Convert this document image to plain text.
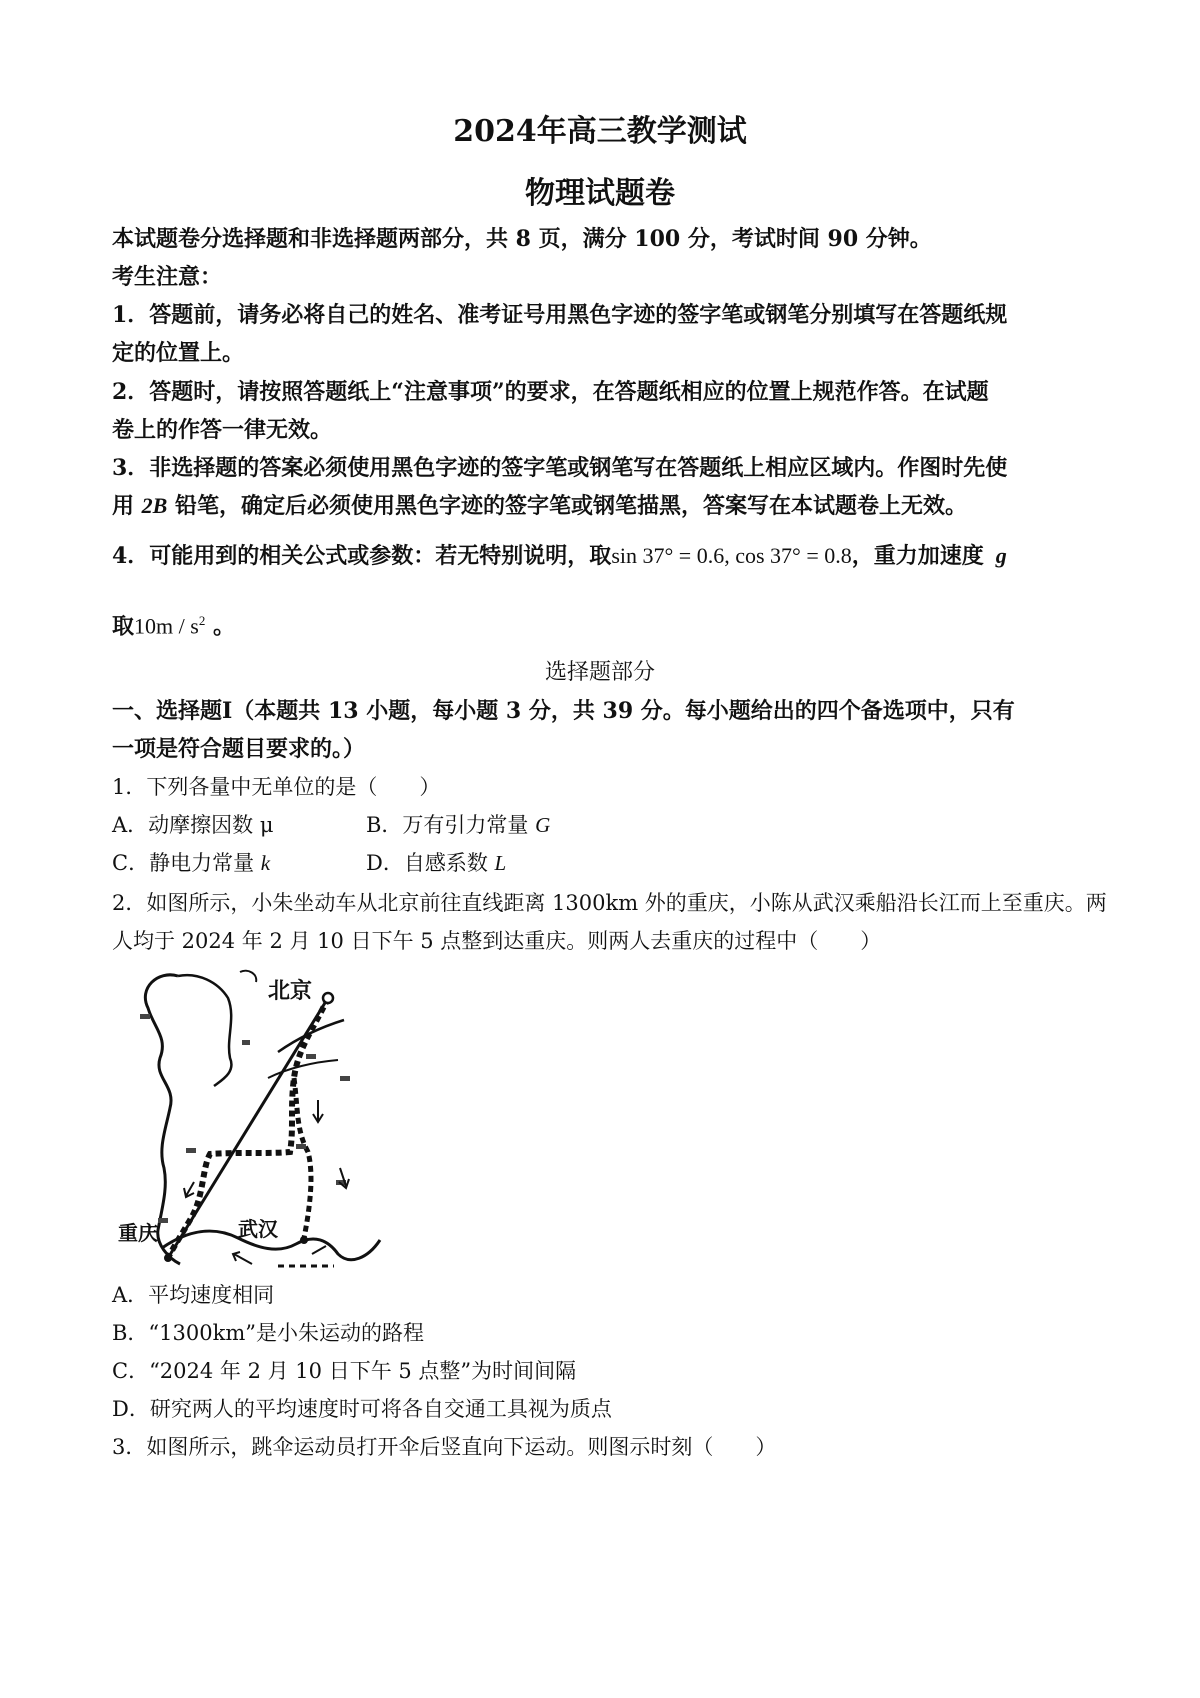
2024年高三教学测试
物理试题卷
本试题卷分选择题和非选择题两部分，共 8 页，满分 100 分，考试时间 90 分钟。
考生注意：
1．答题前，请务必将自己的姓名、准考证号用黑色字迹的签字笔或钢笔分别填写在答题纸规
定的位置上。
2．答题时，请按照答题纸上“注意事项”的要求，在答题纸相应的位置上规范作答。在试题
卷上的作答一律无效。
3．非选择题的答案必须使用黑色字迹的签字笔或钢笔写在答题纸上相应区域内。作图时先使
用 2B 铅笔，确定后必须使用黑色字迹的签字笔或钢笔描黑，答案写在本试题卷上无效。
4．可能用到的相关公式或参数：若无特别说明，取sin 37° = 0.6, cos 37° = 0.8，重力加速度 g
取$10m / s^2$ 。
选择题部分
一、选择题Ⅰ（本题共 13 小题，每小题 3 分，共 39 分。每小题给出的四个备选项中，只有
一项是符合题目要求的。）
1．下列各量中无单位的是（　　）
A．动摩擦因数 μ	B．万有引力常量 G
C．静电力常量 k	D．自感系数 L
2．如图所示，小朱坐动车从北京前往直线距离 1300km 外的重庆，小陈从武汉乘船沿长江而上至重庆。两
人均于 2024 年 2 月 10 日下午 5 点整到达重庆。则两人去重庆的过程中（　　）
北京
重庆	武汉
A．平均速度相同
B．“1300km”是小朱运动的路程
C．“2024 年 2 月 10 日下午 5 点整”为时间间隔
D．研究两人的平均速度时可将各自交通工具视为质点
3．如图所示，跳伞运动员打开伞后竖直向下运动。则图示时刻（　　）
